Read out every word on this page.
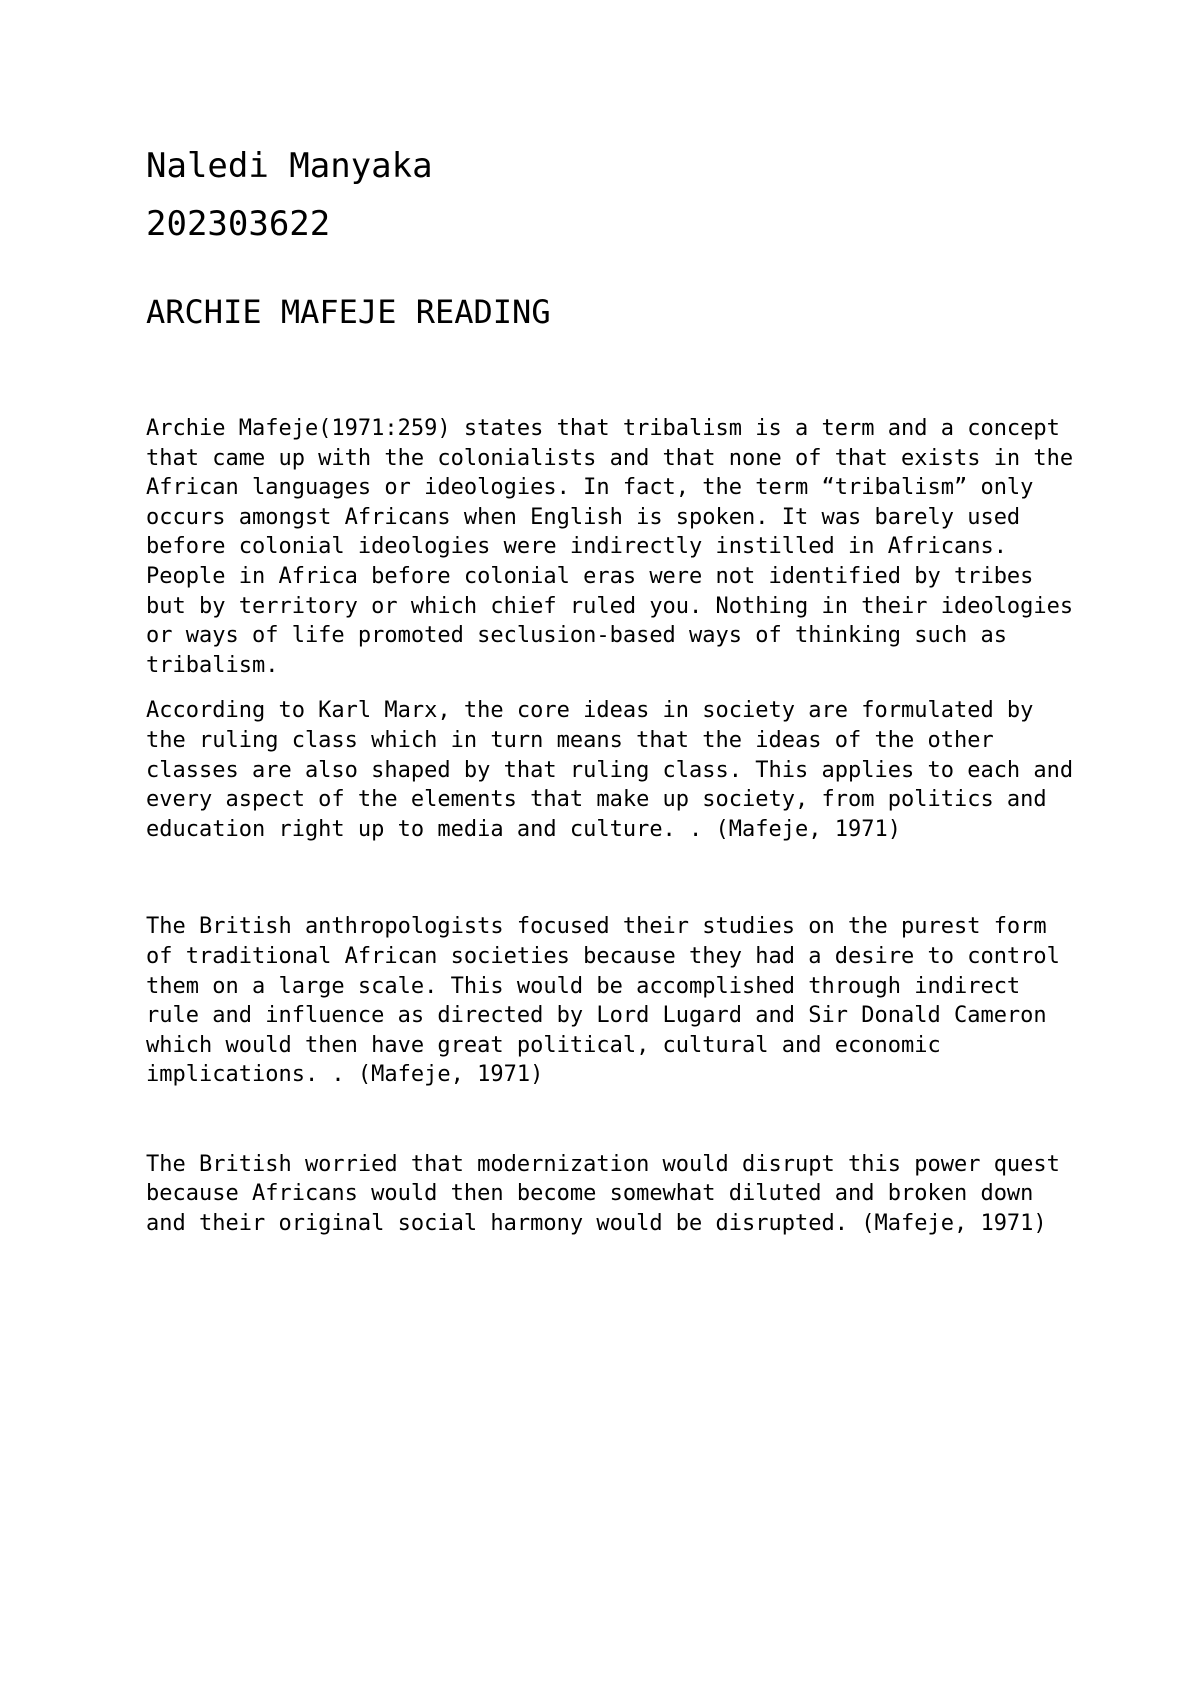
Naledi Manyaka
202303622
ARCHIE MAFEJE READING

Archie Mafeje(1971:259) states that tribalism is a term and a concept that came up with the colonialists and that none of that exists in the African languages or ideologies. In fact, the term “tribalism” only occurs amongst Africans when English is spoken. It was barely used before colonial ideologies were indirectly instilled in Africans. People in Africa before colonial eras were not identified by tribes but by territory or which chief ruled you. Nothing in their ideologies or ways of life promoted seclusion-based ways of thinking such as tribalism.

According to Karl Marx, the core ideas in society are formulated by the ruling class which in turn means that the ideas of the other classes are also shaped by that ruling class. This applies to each and every aspect of the elements that make up society, from politics and education right up to media and culture. . (Mafeje, 1971)

The British anthropologists focused their studies on the purest form of traditional African societies because they had a desire to control them on a large scale. This would be accomplished through indirect rule and influence as directed by Lord Lugard and Sir Donald Cameron which would then have great political, cultural and economic implications. . (Mafeje, 1971)

The British worried that modernization would disrupt this power quest because Africans would then become somewhat diluted and broken down and their original social harmony would be disrupted. (Mafeje, 1971)
